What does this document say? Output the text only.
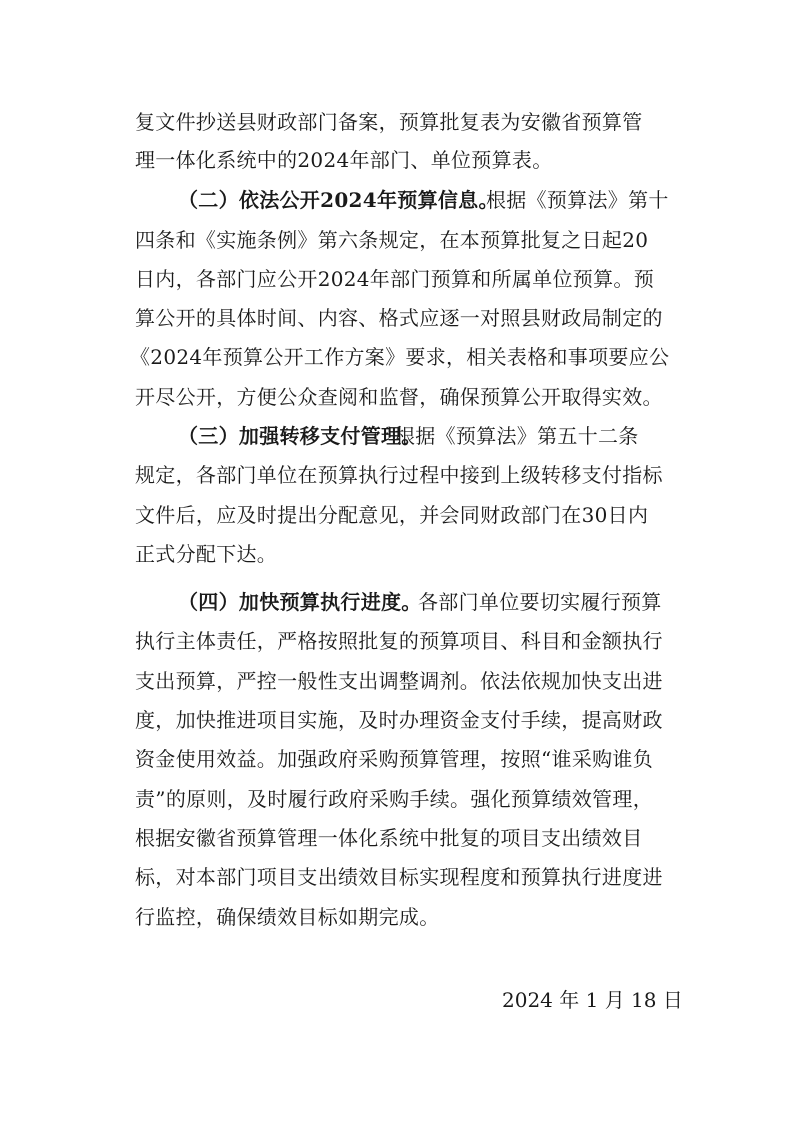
复文件抄送县财政部门备案，预算批复表为安徽省预算管
理一体化系统中的2024年部门、单位预算表。
（二）依法公开2024年预算信息。
根据《预算法》第十
四条和《实施条例》第六条规定，在本预算批复之日起20
日内，各部门应公开2024年部门预算和所属单位预算。预
算公开的具体时间、内容、格式应逐一对照县财政局制定的
《2024年预算公开工作方案》要求，相关表格和事项要应公
开尽公开，方便公众查阅和监督，确保预算公开取得实效。
（三）加强转移支付管理。
根据《预算法》第五十二条
规定，各部门单位在预算执行过程中接到上级转移支付指标
文件后，应及时提出分配意见，并会同财政部门在30日内
正式分配下达。
（四）加快预算执行进度。
各部门单位要切实履行预算
执行主体责任，严格按照批复的预算项目、科目和金额执行
支出预算，严控一般性支出调整调剂。依法依规加快支出进
度，加快推进项目实施，及时办理资金支付手续，提高财政
资金使用效益。加强政府采购预算管理，按照“谁采购谁负
责”的原则，及时履行政府采购手续。强化预算绩效管理，
根据安徽省预算管理一体化系统中批复的项目支出绩效目
标，对本部门项目支出绩效目标实现程度和预算执行进度进
行监控，确保绩效目标如期完成。
2024 年 1 月 18 日
